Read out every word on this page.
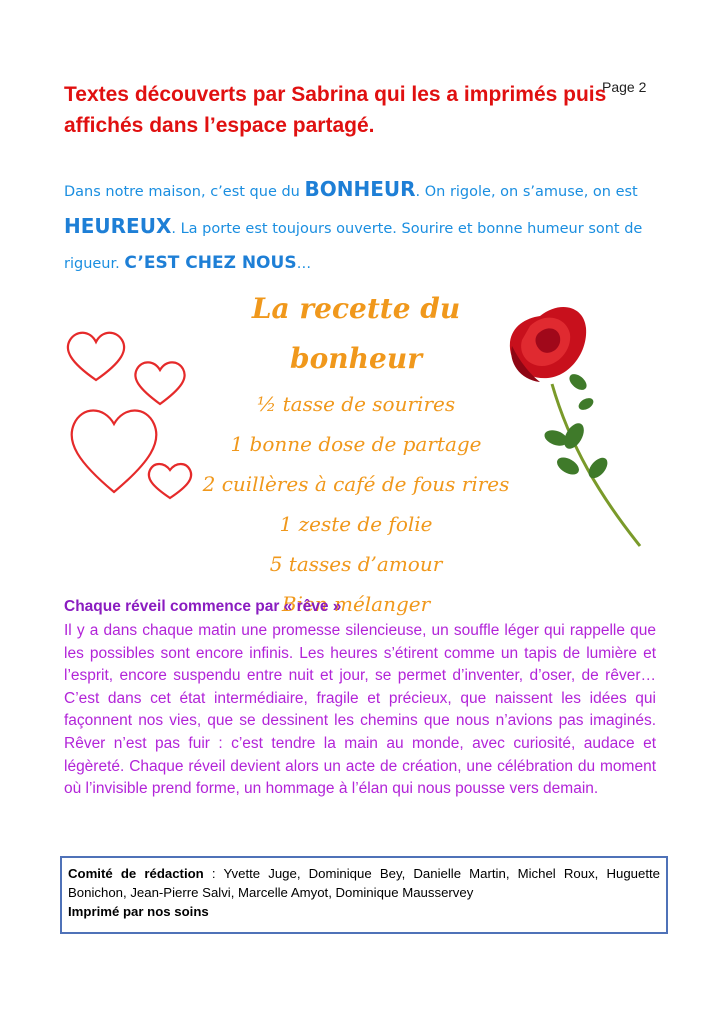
Page 2
Textes découverts par Sabrina qui les a imprimés puis affichés dans l’espace partagé.
Dans notre maison, c’est que du BONHEUR. On rigole, on s’amuse, on est HEUREUX. La porte est toujours ouverte. Sourire et bonne humeur sont de rigueur. C’EST CHEZ NOUS…
La recette du bonheur
½ tasse de sourires
1 bonne dose de partage
2 cuillères à café de fous rires
1 zeste de folie
5 tasses d’amour
Bien mélanger
Chaque réveil commence par « rêve »
Il y a dans chaque matin une promesse silencieuse, un souffle léger qui rappelle que les possibles sont encore infinis. Les heures s’étirent comme un tapis de lumière et l’esprit, encore suspendu entre nuit et jour, se permet d’inventer, d’oser, de rêver… C’est dans cet état intermédiaire, fragile et précieux, que naissent les idées qui façonnent nos vies, que se dessinent les chemins que nous n’avions pas imaginés. Rêver n’est pas fuir : c’est tendre la main au monde, avec curiosité, audace et légèreté. Chaque réveil devient alors un acte de création, une célébration du moment où l’invisible prend forme, un hommage à l’élan qui nous pousse vers demain.
Comité de rédaction : Yvette Juge, Dominique Bey, Danielle Martin, Michel Roux, Huguette Bonichon, Jean-Pierre Salvi, Marcelle Amyot, Dominique Mausservey
Imprimé par nos soins
